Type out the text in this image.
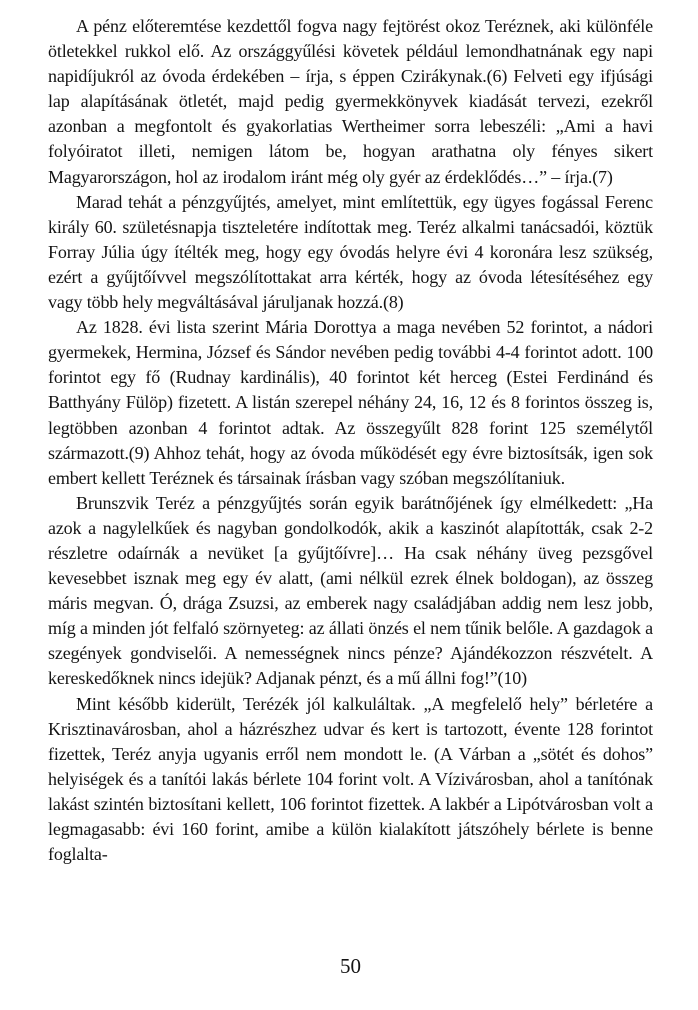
A pénz előteremtése kezdettől fogva nagy fejtörést okoz Teréznek, aki különféle ötletekkel rukkol elő. Az országgyűlési követek például lemondhatnának egy napi napidíjukról az óvoda érdekében – írja, s éppen Czirákynak.(6) Felveti egy ifjúsági lap alapításának ötletét, majd pedig gyermekkönyvek kiadását tervezi, ezekről azonban a megfontolt és gyakorlatias Wertheimer sorra lebeszéli: „Ami a havi folyóiratot illeti, nemigen látom be, hogyan arathatna oly fényes sikert Magyarországon, hol az irodalom iránt még oly gyér az érdeklődés…” – írja.(7)

Marad tehát a pénzgyűjtés, amelyet, mint említettük, egy ügyes fogással Ferenc király 60. születésnapja tiszteletére indítottak meg. Teréz alkalmi tanácsadói, köztük Forray Júlia úgy ítélték meg, hogy egy óvodás helyre évi 4 koronára lesz szükség, ezért a gyűjtőívvel megszólítottakat arra kérték, hogy az óvoda létesítéséhez egy vagy több hely megváltásával járuljanak hozzá.(8)

Az 1828. évi lista szerint Mária Dorottya a maga nevében 52 forintot, a nádori gyermekek, Hermina, József és Sándor nevében pedig további 4-4 forintot adott. 100 forintot egy fő (Rudnay kardinális), 40 forintot két herceg (Estei Ferdinánd és Batthyány Fülöp) fizetett. A listán szerepel néhány 24, 16, 12 és 8 forintos összeg is, legtöbben azonban 4 forintot adtak. Az összegyűlt 828 forint 125 személytől származott.(9) Ahhoz tehát, hogy az óvoda működését egy évre biztosítsák, igen sok embert kellett Teréznek és társainak írásban vagy szóban megszólítaniuk.

Brunszvik Teréz a pénzgyűjtés során egyik barátnőjének így elmélkedett: „Ha azok a nagylelkűek és nagyban gondolkodók, akik a kaszinót alapították, csak 2-2 részletre odaírnák a nevüket [a gyűjtőívre]… Ha csak néhány üveg pezsgővel kevesebbet isznak meg egy év alatt, (ami nélkül ezrek élnek boldogan), az összeg máris megvan. Ó, drága Zsuzsi, az emberek nagy családjában addig nem lesz jobb, míg a minden jót felfaló szörnyeteg: az állati önzés el nem tűnik belőle. A gazdagok a szegények gondviselői. A nemességnek nincs pénze? Ajándékozzon részvételt. A kereskedőknek nincs idejük? Adjanak pénzt, és a mű állni fog!”(10)

Mint később kiderült, Terézék jól kalkuláltak. „A megfelelő hely” bérletére a Krisztinavárosban, ahol a házrészhez udvar és kert is tartozott, évente 128 forintot fizettek, Teréz anyja ugyanis erről nem mondott le. (A Várban a „sötét és dohos” helyiségek és a tanítói lakás bérlete 104 forint volt. A Vízivárosban, ahol a tanítónak lakást szintén biztosítani kellett, 106 forintot fizettek. A lakbér a Lipótvárosban volt a legmagasabb: évi 160 forint, amibe a külön kialakított játszóhely bérlete is benne foglalta-

50
